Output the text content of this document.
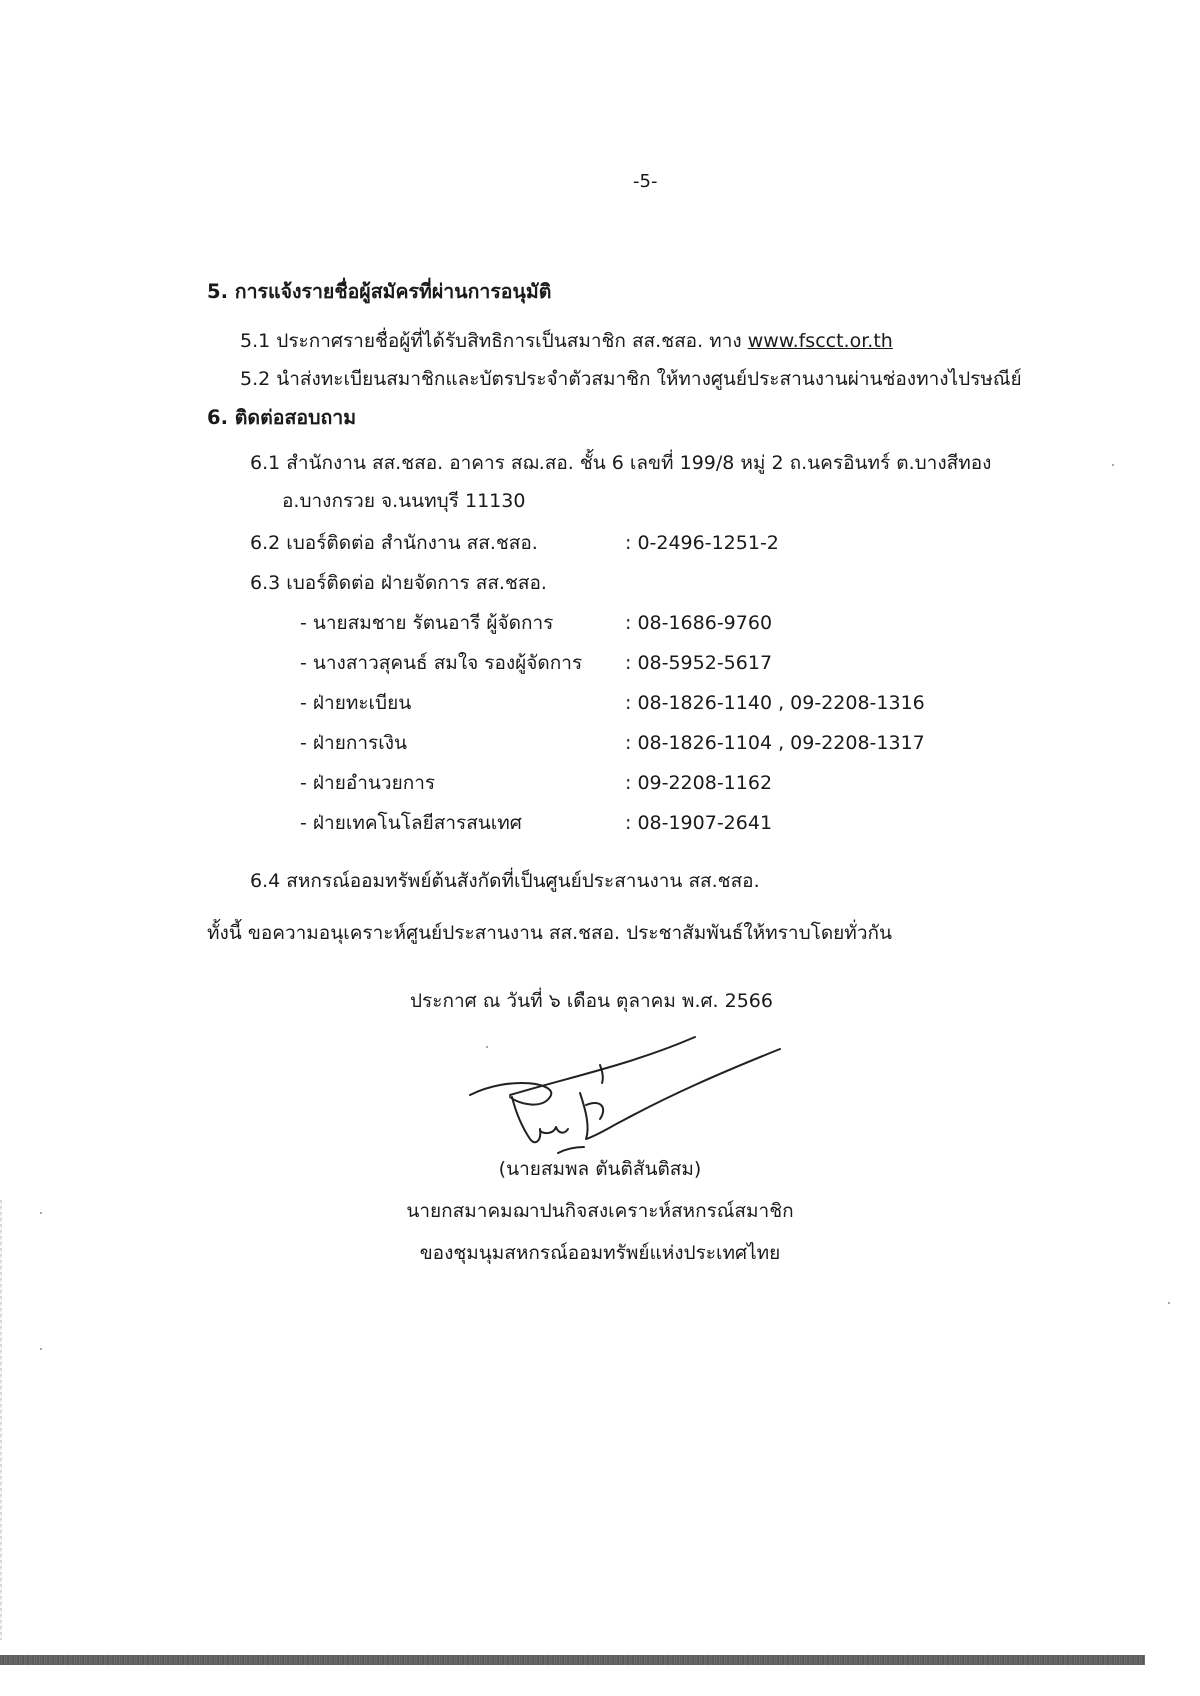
-5-
5. การแจ้งรายชื่อผู้สมัครที่ผ่านการอนุมัติ
5.1 ประกาศรายชื่อผู้ที่ได้รับสิทธิการเป็นสมาชิก สส.ชสอ. ทาง www.fscct.or.th
5.2 นำส่งทะเบียนสมาชิกและบัตรประจำตัวสมาชิก ให้ทางศูนย์ประสานงานผ่านช่องทางไปรษณีย์
6. ติดต่อสอบถาม
6.1 สำนักงาน สส.ชสอ. อาคาร สฌ.สอ. ชั้น 6 เลขที่ 199/8 หมู่ 2 ถ.นครอินทร์ ต.บางสีทอง
อ.บางกรวย จ.นนทบุรี 11130
6.2 เบอร์ติดต่อ สำนักงาน สส.ชสอ.	: 0-2496-1251-2
6.3 เบอร์ติดต่อ ฝ่ายจัดการ สส.ชสอ.
- นายสมชาย รัตนอารี ผู้จัดการ	: 08-1686-9760
- นางสาวสุคนธ์ สมใจ รองผู้จัดการ : 08-5952-5617
- ฝ่ายทะเบียน	: 08-1826-1140 , 09-2208-1316
- ฝ่ายการเงิน	: 08-1826-1104 , 09-2208-1317
- ฝ่ายอำนวยการ	: 09-2208-1162
- ฝ่ายเทคโนโลยีสารสนเทศ	: 08-1907-2641
6.4 สหกรณ์ออมทรัพย์ต้นสังกัดที่เป็นศูนย์ประสานงาน สส.ชสอ.
ทั้งนี้ ขอความอนุเคราะห์ศูนย์ประสานงาน สส.ชสอ. ประชาสัมพันธ์ให้ทราบโดยทั่วกัน
ประกาศ ณ วันที่ ๖ เดือน ตุลาคม พ.ศ. 2566
(นายสมพล ตันติสันติสม)
นายกสมาคมฌาปนกิจสงเคราะห์สหกรณ์สมาชิก
ของชุมนุมสหกรณ์ออมทรัพย์แห่งประเทศไทย
